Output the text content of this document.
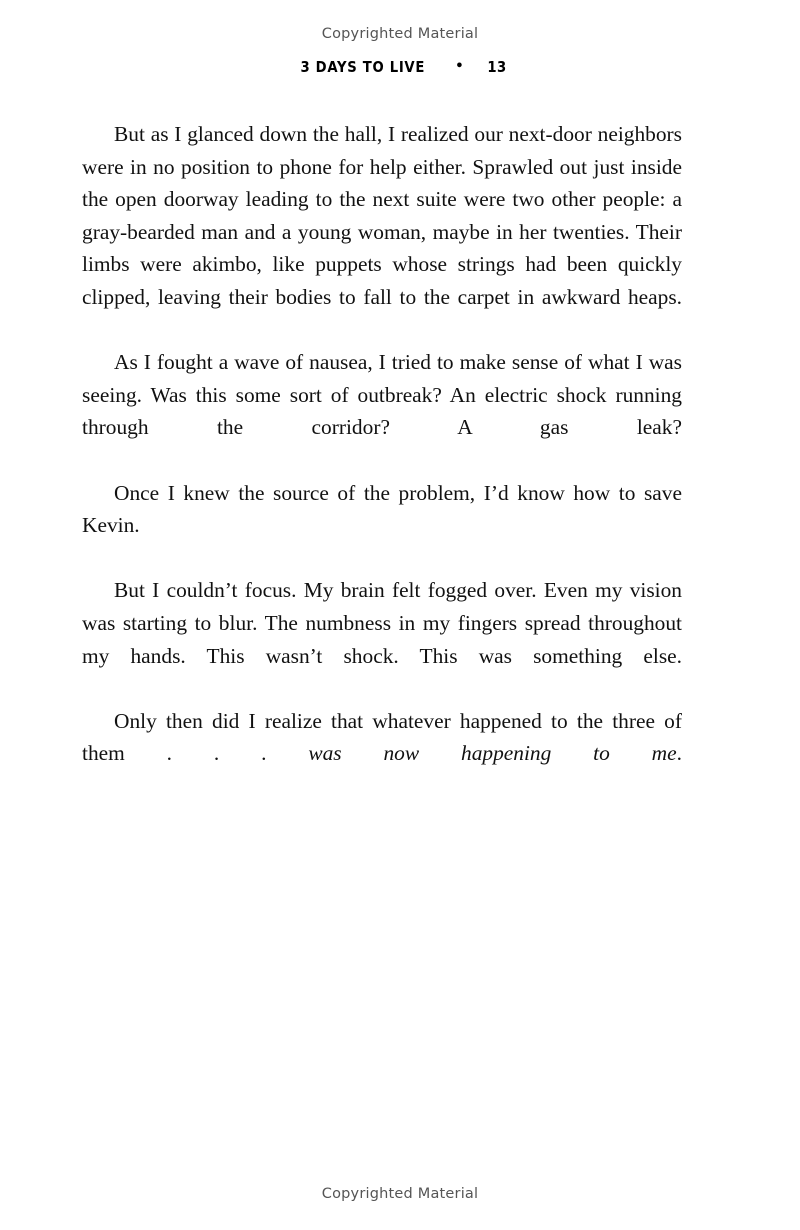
Copyrighted Material
3 DAYS TO LIVE • 13

But as I glanced down the hall, I realized our next-door neighbors were in no position to phone for help either. Sprawled out just inside the open doorway leading to the next suite were two other people: a gray-bearded man and a young woman, maybe in her twenties. Their limbs were akimbo, like puppets whose strings had been quickly clipped, leaving their bodies to fall to the carpet in awkward heaps.

As I fought a wave of nausea, I tried to make sense of what I was seeing. Was this some sort of outbreak? An electric shock running through the corridor? A gas leak?

Once I knew the source of the problem, I’d know how to save Kevin.

But I couldn’t focus. My brain felt fogged over. Even my vision was starting to blur. The numbness in my fingers spread throughout my hands. This wasn’t shock. This was something else.

Only then did I realize that whatever happened to the three of them . . . was now happening to me.

Copyrighted Material
